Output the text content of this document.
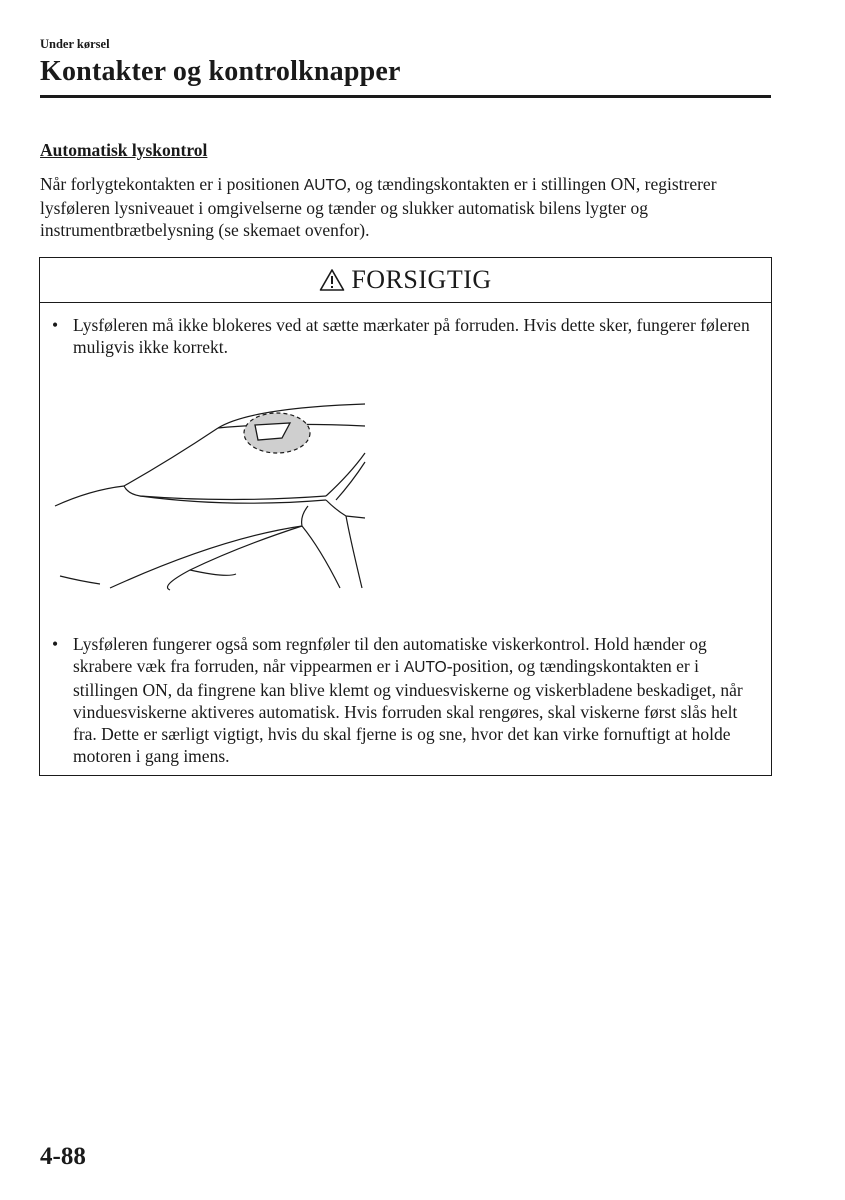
Under kørsel
Kontakter og kontrolknapper
Automatisk lyskontrol
Når forlygtekontakten er i positionen AUTO, og tændingskontakten er i stillingen ON, registrerer lysføleren lysniveauet i omgivelserne og tænder og slukker automatisk bilens lygter og instrumentbrætbelysning (se skemaet ovenfor).
FORSIGTIG
• Lysføleren må ikke blokeres ved at sætte mærkater på forruden. Hvis dette sker, fungerer føleren muligvis ikke korrekt.
• Lysføleren fungerer også som regnføler til den automatiske viskerkontrol. Hold hænder og skrabere væk fra forruden, når vippearmen er i AUTO-position, og tændingskontakten er i stillingen ON, da fingrene kan blive klemt og vinduesviskerne og viskerbladene beskadiget, når vinduesviskerne aktiveres automatisk. Hvis forruden skal rengøres, skal viskerne først slås helt fra. Dette er særligt vigtigt, hvis du skal fjerne is og sne, hvor det kan virke fornuftigt at holde motoren i gang imens.
4-88
